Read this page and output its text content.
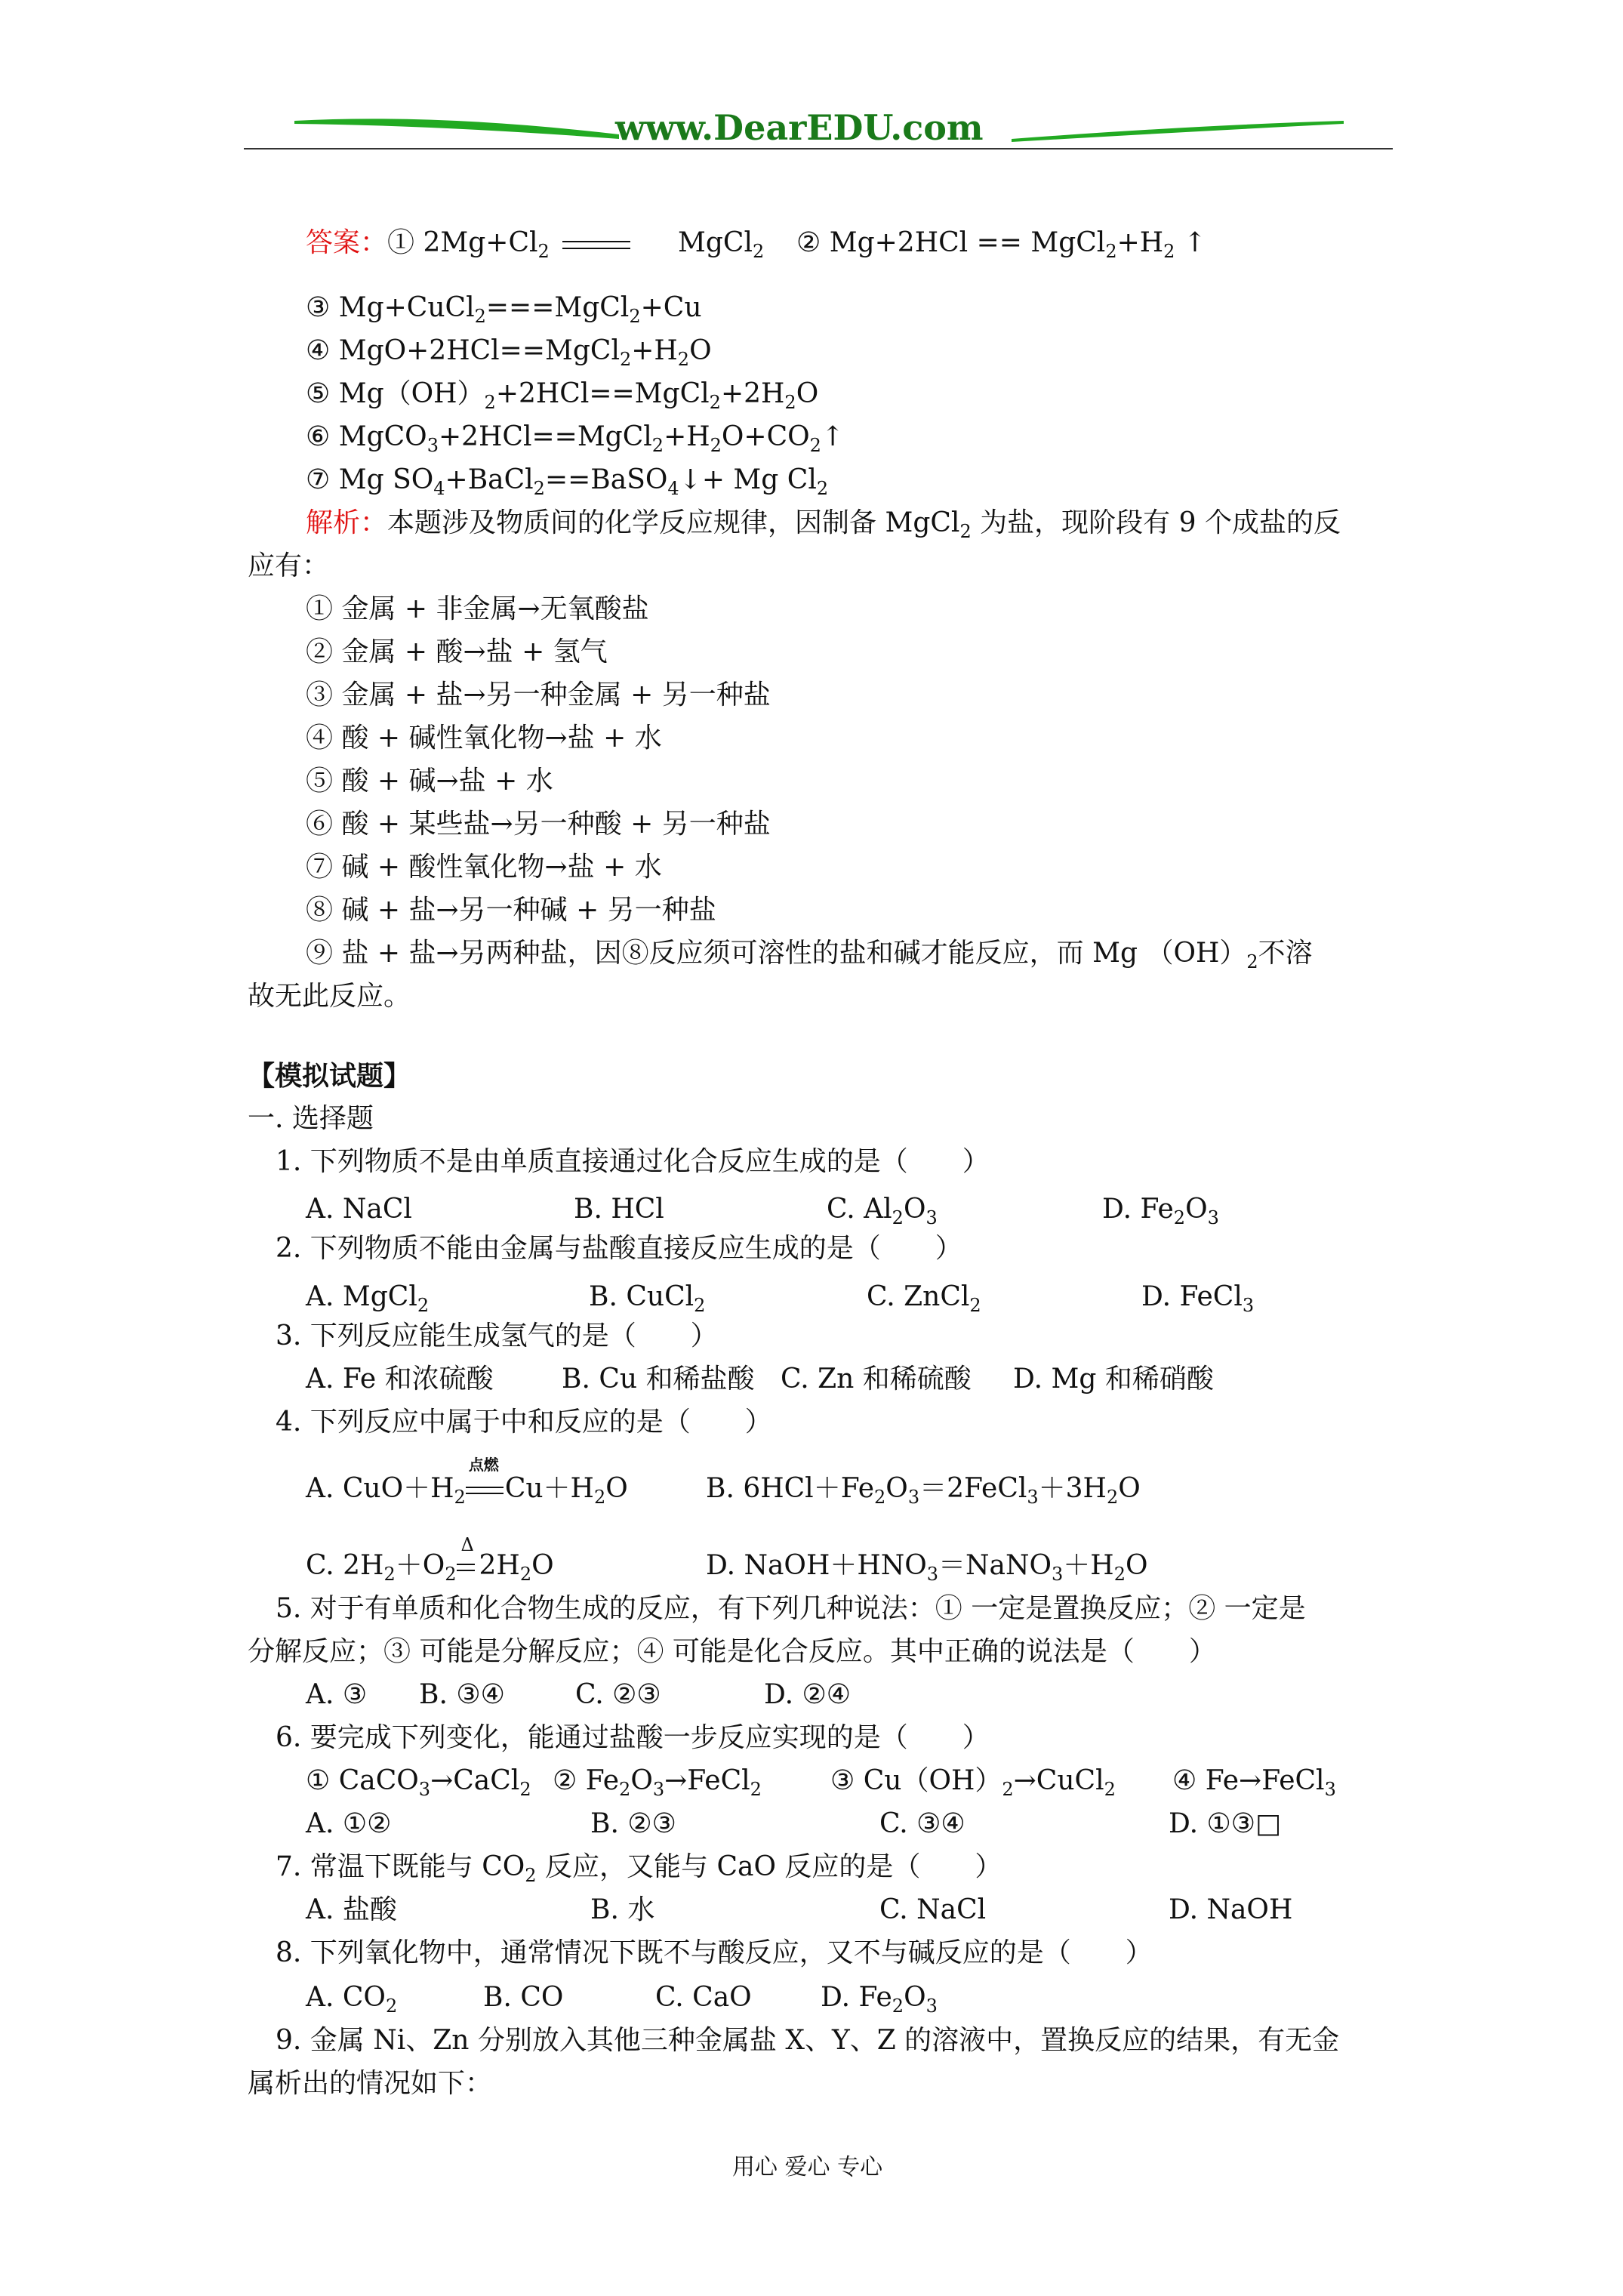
www.DearEDU.com
答案：① $2Mg+Cl_2$	MgCl$_2$ ② $Mg+2HCl == MgCl_2+H_2$ ↑
③ Mg+CuCl$_2$===MgCl$_2$+Cu
④ $MgO+2HCl==MgCl_2+H_2O$
⑤ $Mg(OH)_2+2HCl==MgCl_2+2H_2O$
⑥ $MgCO_3+2HCl==MgCl_2+H_2O+CO_2↑$
⑦ Mg $SO_4+BaCl_2==BaSO_4↓+ Mg$ $Cl_2$
解析：本题涉及物质间的化学反应规律，因制备 MgCl$_2$ 为盐，现阶段有 9 个成盐的反
应有：
① 金属 + 非金属→无氧酸盐
② 金属 + 酸→盐 + 氢气
③ 金属 + 盐→另一种金属 + 另一种盐
④ 酸 + 碱性氧化物→盐 + 水
⑤ 酸 + 碱→盐 + 水
⑥ 酸 + 某些盐→另一种酸 + 另一种盐
⑦ 碱 + 酸性氧化物→盐 + 水
⑧ 碱 + 盐→另一种碱 + 另一种盐
⑨ 盐 + 盐→另两种盐，因⑧反应须可溶性的盐和碱才能反应，而 Mg $(OH)_2$不溶
故无此反应。
【模拟试题】
一. 选择题
1. 下列物质不是由单质直接通过化合反应生成的是（　　）
A. NaCl	B. HCl	C. $Al_2O_3$	D. $Fe_2O_3$
2. 下列物质不能由金属与盐酸直接反应生成的是（　　）
A. MgCl$_2$	B. CuCl$_2$	C. ZnCl$_2$	D. FeCl$_3$
3. 下列反应能生成氢气的是（　　）
A. Fe 和浓硫酸	B. Cu 和稀盐酸 C. Zn 和稀硫酸 D. Mg 和稀硝酸
4. 下列反应中属于中和反应的是（　　）
A. $CuO+H_2$
点燃
$Cu+H_2O$	B. $6HCl+Fe_2O_3=2FeCl_3+3H_2O$
C. $2H_2+O_2$
Δ
$2H_2O$	D. $NaOH+HNO_3=NaNO_3+H_2O$
5. 对于有单质和化合物生成的反应，有下列几种说法：① 一定是置换反应；② 一定是
分解反应；③ 可能是分解反应；④ 可能是化合反应。其中正确的说法是（　　）
A. ③ B. ③④	C. ②③	D. ②④
6. 要完成下列变化，能通过盐酸一步反应实现的是（　　）
① CaCO$_3$→CaCl$_2$ ② $Fe_2O_3\to FeCl_2$	③ $Cu(OH)_2\to CuCl_2$ ④ Fe→FeCl$_3$
A. ①②	B. ②③	C. ③④	D. ①③□
7. 常温下既能与 $CO_2$ 反应，又能与 CaO 反应的是（　　）
A. 盐酸	B. 水	C. NaCl	D. NaOH
8. 下列氧化物中，通常情况下既不与酸反应，又不与碱反应的是（　　）
A. $CO_2$	B. CO	C. CaO	D. $Fe_2O_3$
9. 金属 Ni、Zn 分别放入其他三种金属盐 X、Y、Z 的溶液中，置换反应的结果，有无金
属析出的情况如下：
用心 爱心 专心
